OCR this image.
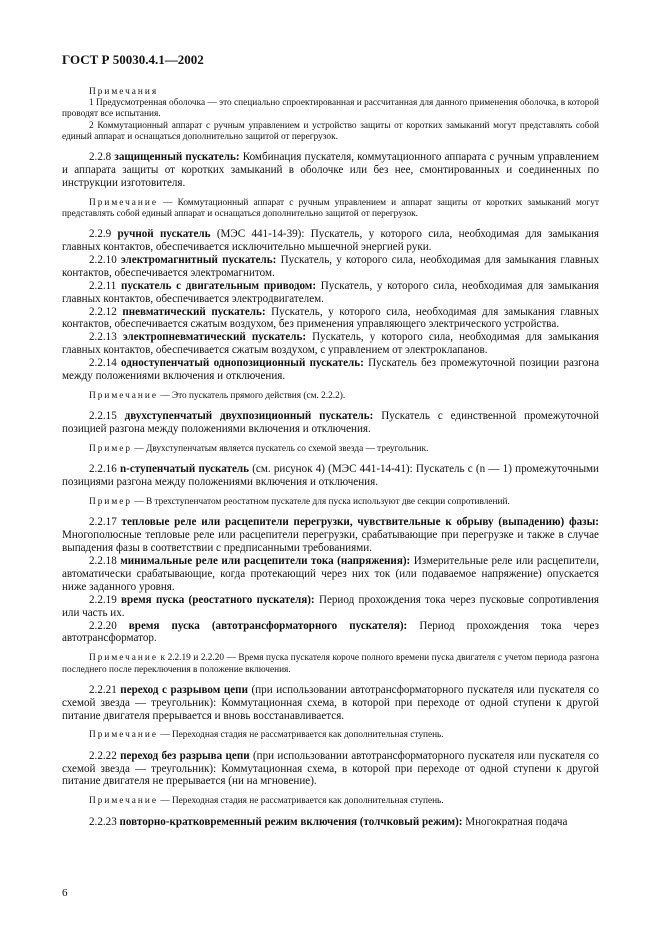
ГОСТ Р 50030.4.1—2002

Примечания

1 Предусмотренная оболочка — это специально спроектированная и рассчитанная для данного применения оболочка, в которой проводят все испытания.

2 Коммутационный аппарат с ручным управлением и устройство защиты от коротких замыканий могут представлять собой единый аппарат и оснащаться дополнительно защитой от перегрузок.

2.2.8 защищенный пускатель: Комбинация пускателя, коммутационного аппарата с ручным управлением и аппарата защиты от коротких замыканий в оболочке или без нее, смонтированных и соединенных по инструкции изготовителя.

Примечание — Коммутационный аппарат с ручным управлением и аппарат защиты от коротких замыканий могут представлять собой единый аппарат и оснащаться дополнительно защитой от перегрузок.

2.2.9 ручной пускатель (МЭС 441-14-39): Пускатель, у которого сила, необходимая для замыкания главных контактов, обеспечивается исключительно мышечной энергией руки.

2.2.10 электромагнитный пускатель: Пускатель, у которого сила, необходимая для замыкания главных контактов, обеспечивается электромагнитом.

2.2.11 пускатель с двигательным приводом: Пускатель, у которого сила, необходимая для замыкания главных контактов, обеспечивается электродвигателем.

2.2.12 пневматический пускатель: Пускатель, у которого сила, необходимая для замыкания главных контактов, обеспечивается сжатым воздухом, без применения управляющего электрического устройства.

2.2.13 электропневматический пускатель: Пускатель, у которого сила, необходимая для замыкания главных контактов, обеспечивается сжатым воздухом, с управлением от электроклапанов.

2.2.14 одноступенчатый однопозиционный пускатель: Пускатель без промежуточной позиции разгона между положениями включения и отключения.

Примечание — Это пускатель прямого действия (см. 2.2.2).

2.2.15 двухступенчатый двухпозиционный пускатель: Пускатель с единственной промежуточной позицией разгона между положениями включения и отключения.

Пример — Двухступенчатым является пускатель со схемой звезда — треугольник.

2.2.16 n-ступенчатый пускатель (см. рисунок 4) (МЭС 441-14-41): Пускатель с (n — 1) промежуточными позициями разгона между положениями включения и отключения.

Пример — В трехступенчатом реостатном пускателе для пуска используют две секции сопротивлений.

2.2.17 тепловые реле или расцепители перегрузки, чувствительные к обрыву (выпадению) фазы: Многополюсные тепловые реле или расцепители перегрузки, срабатывающие при перегрузке и также в случае выпадения фазы в соответствии с предписанными требованиями.

2.2.18 минимальные реле или расцепители тока (напряжения): Измерительные реле или расцепители, автоматически срабатывающие, когда протекающий через них ток (или подаваемое напряжение) опускается ниже заданного уровня.

2.2.19 время пуска (реостатного пускателя): Период прохождения тока через пусковые сопротивления или часть их.

2.2.20 время пуска (автотрансформаторного пускателя): Период прохождения тока через автотрансформатор.

Примечание к 2.2.19 и 2.2.20 — Время пуска пускателя короче полного времени пуска двигателя с учетом периода разгона последнего после переключения в положение включения.

2.2.21 переход с разрывом цепи (при использовании автотрансформаторного пускателя или пускателя со схемой звезда — треугольник): Коммутационная схема, в которой при переходе от одной ступени к другой питание двигателя прерывается и вновь восстанавливается.

Примечание — Переходная стадия не рассматривается как дополнительная ступень.

2.2.22 переход без разрыва цепи (при использовании автотрансформаторного пускателя или пускателя со схемой звезда — треугольник): Коммутационная схема, в которой при переходе от одной ступени к другой питание двигателя не прерывается (ни на мгновение).

Примечание — Переходная стадия не рассматривается как дополнительная ступень.

2.2.23 повторно-кратковременный режим включения (толчковый режим): Многократная подача

6
